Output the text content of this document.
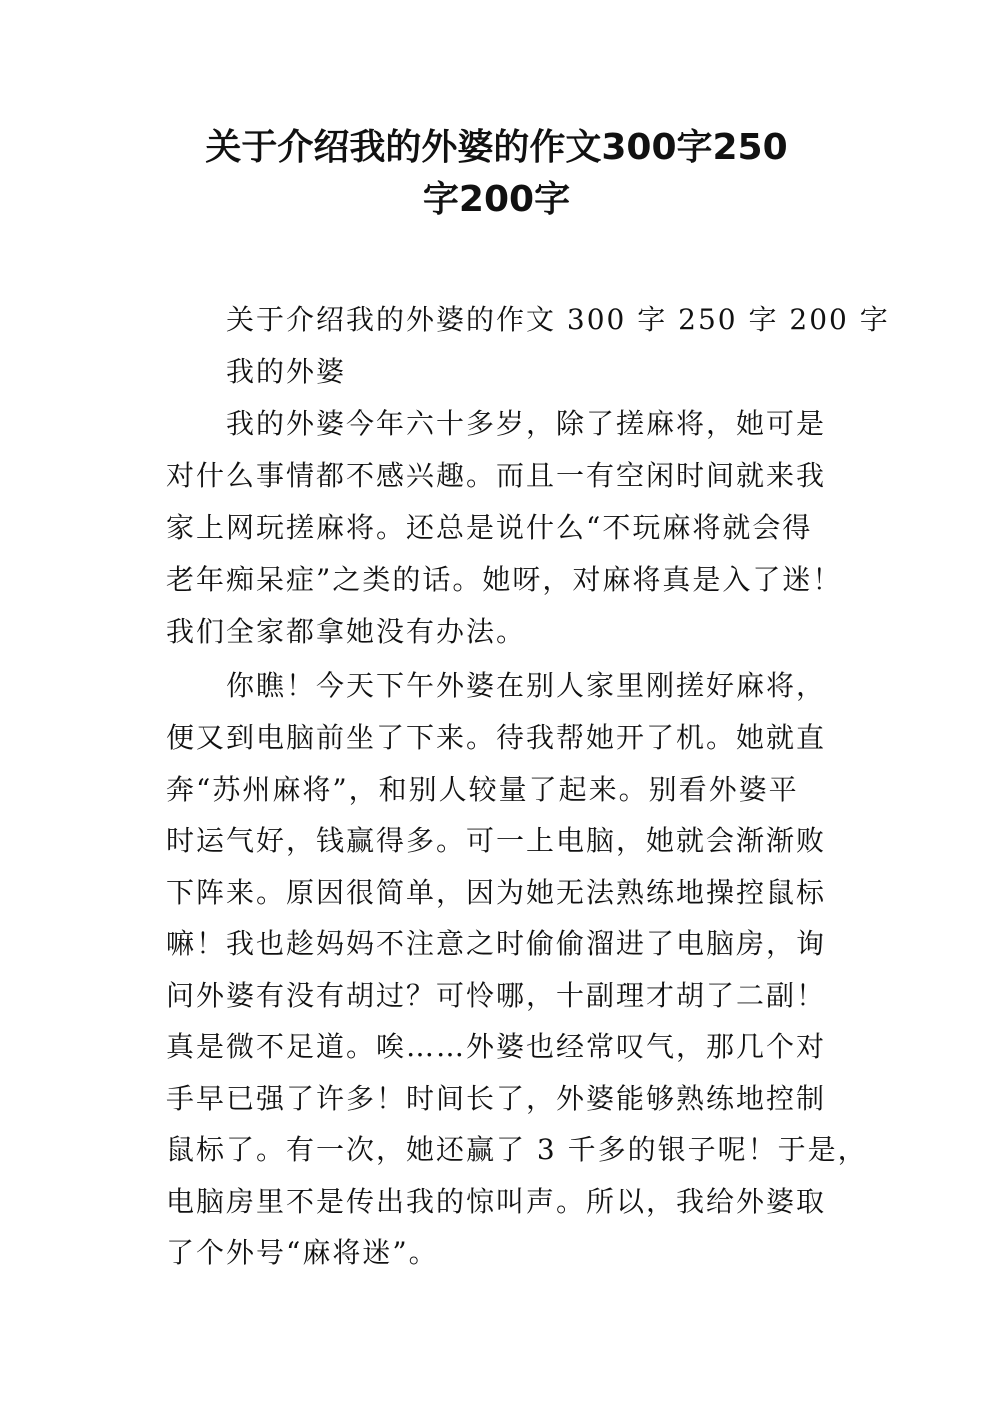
关于介绍我的外婆的作文300字250
字200字
关于介绍我的外婆的作文 300 字 250 字 200 字
我的外婆
我的外婆今年六十多岁，除了搓麻将，她可是
对什么事情都不感兴趣。而且一有空闲时间就来我
家上网玩搓麻将。还总是说什么“不玩麻将就会得
老年痴呆症”之类的话。她呀，对麻将真是入了迷！
我们全家都拿她没有办法。
你瞧！今天下午外婆在别人家里刚搓好麻将，
便又到电脑前坐了下来。待我帮她开了机。她就直
奔“苏州麻将”，和别人较量了起来。别看外婆平
时运气好，钱赢得多。可一上电脑，她就会渐渐败
下阵来。原因很简单，因为她无法熟练地操控鼠标
嘛！我也趁妈妈不注意之时偷偷溜进了电脑房，询
问外婆有没有胡过？可怜哪，十副理才胡了二副！
真是微不足道。唉……外婆也经常叹气，那几个对
手早已强了许多！时间长了，外婆能够熟练地控制
鼠标了。有一次，她还赢了 3 千多的银子呢！于是，
电脑房里不是传出我的惊叫声。所以，我给外婆取
了个外号“麻将迷”。
